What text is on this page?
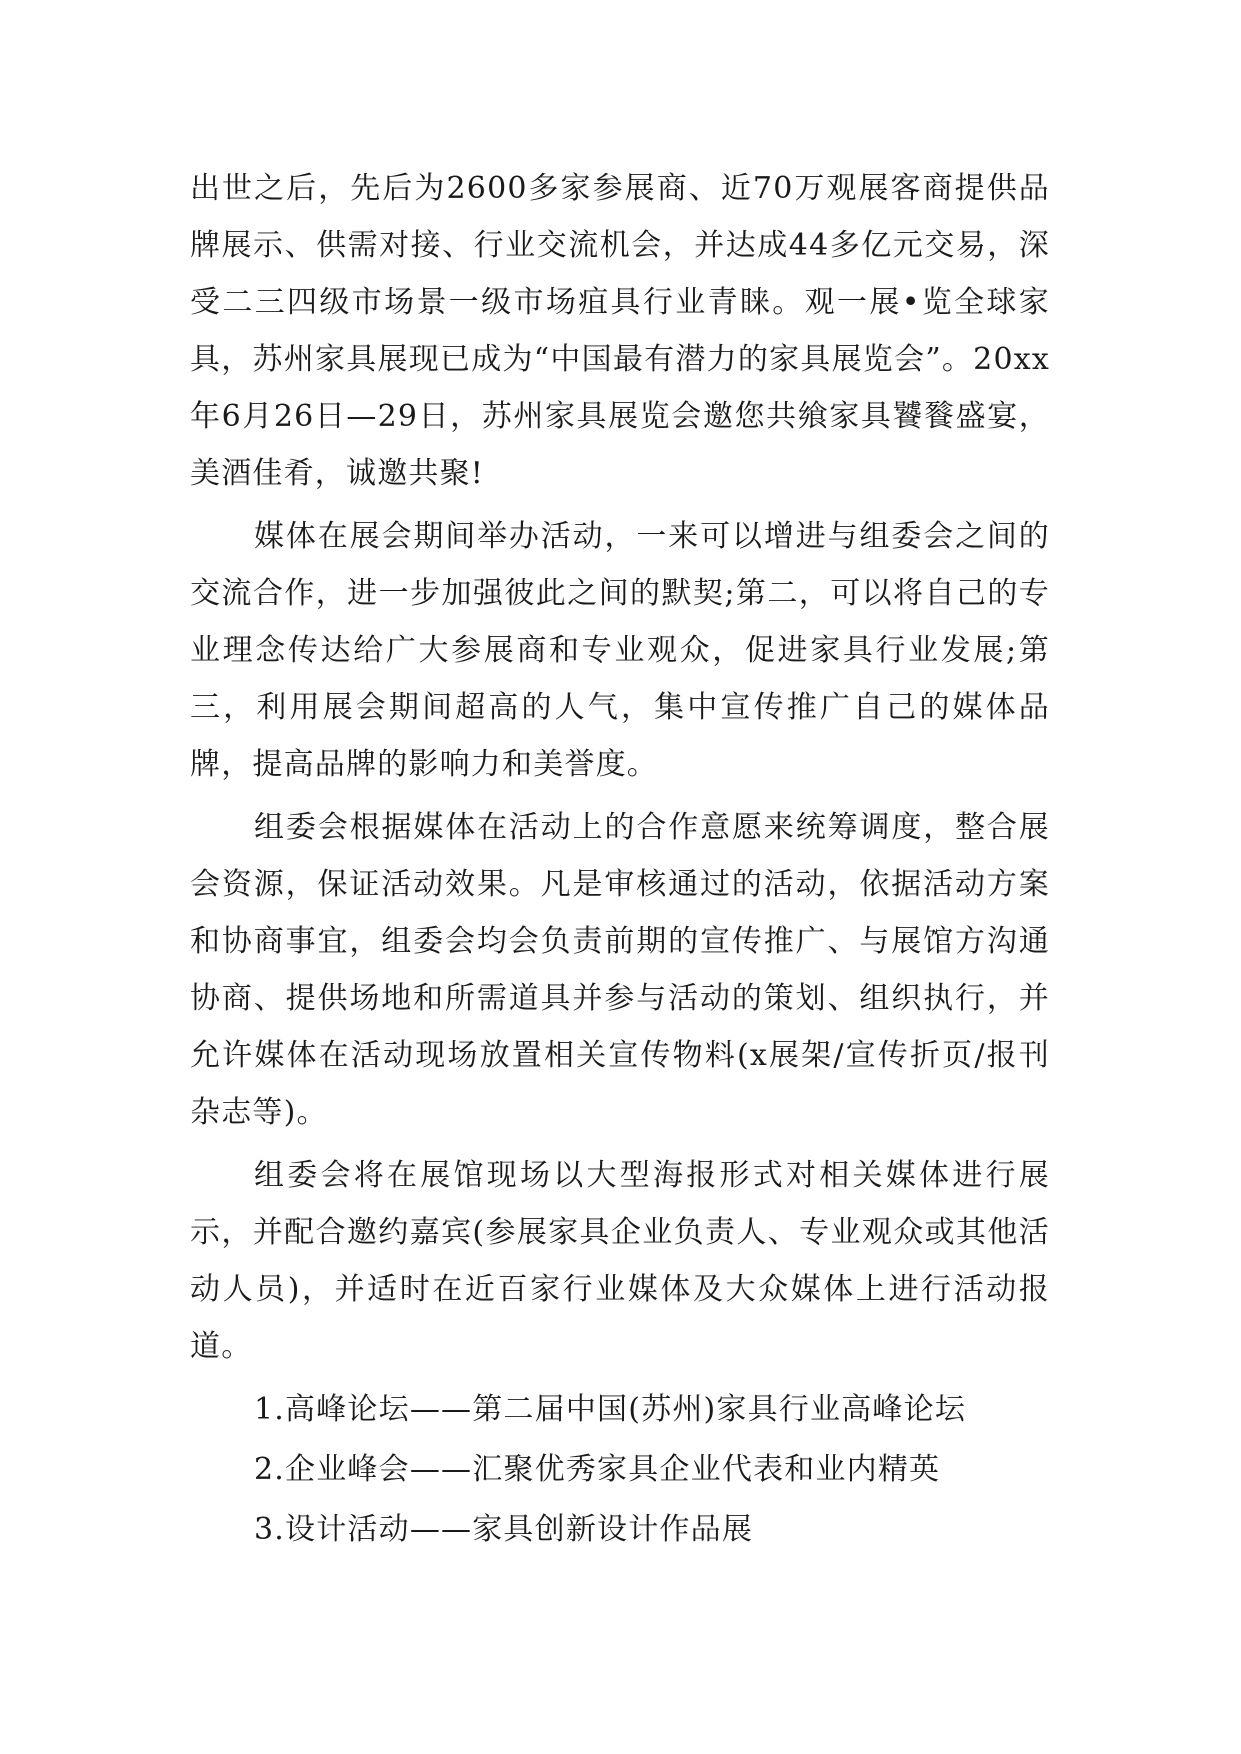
出世之后，先后为2600多家参展商、近70万观展客商提供品牌展示、供需对接、行业交流机会，并达成44多亿元交易，深受二三四级市场景一级市场疽具行业青睐。观一展•览全球家具，苏州家具展现已成为“中国最有潜力的家具展览会”。20xx年6月26日—29日，苏州家具展览会邀您共飨家具饕餮盛宴，美酒佳肴，诚邀共聚!

媒体在展会期间举办活动，一来可以增进与组委会之间的交流合作，进一步加强彼此之间的默契;第二，可以将自己的专业理念传达给广大参展商和专业观众，促进家具行业发展;第三，利用展会期间超高的人气，集中宣传推广自己的媒体品牌，提高品牌的影响力和美誉度。

组委会根据媒体在活动上的合作意愿来统筹调度，整合展会资源，保证活动效果。凡是审核通过的活动，依据活动方案和协商事宜，组委会均会负责前期的宣传推广、与展馆方沟通协商、提供场地和所需道具并参与活动的策划、组织执行，并允许媒体在活动现场放置相关宣传物料(x展架/宣传折页/报刊杂志等)。

组委会将在展馆现场以大型海报形式对相关媒体进行展示，并配合邀约嘉宾(参展家具企业负责人、专业观众或其他活动人员)，并适时在近百家行业媒体及大众媒体上进行活动报道。

1.高峰论坛——第二届中国(苏州)家具行业高峰论坛
2.企业峰会——汇聚优秀家具企业代表和业内精英
3.设计活动——家具创新设计作品展
